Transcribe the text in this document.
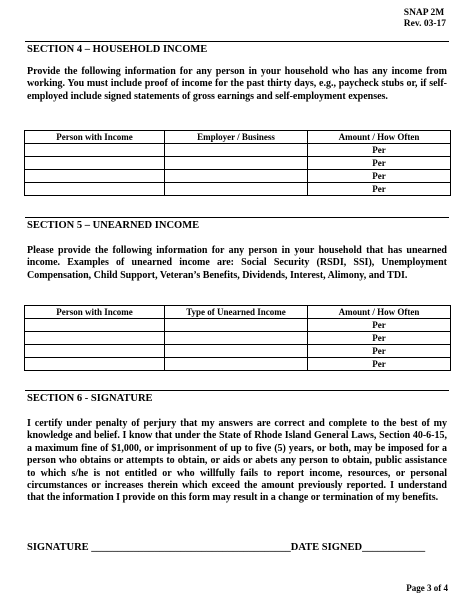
SNAP 2M
Rev. 03-17
SECTION 4 – HOUSEHOLD INCOME

Provide the following information for any person in your household who has any income from working. You must include proof of income for the past thirty days, e.g., paycheck stubs or, if self-employed include signed statements of gross earnings and self-employment expenses.

Person with Income	Employer / Business	Amount / How Often
		Per
		Per
		Per
		Per
SECTION 5 – UNEARNED INCOME

Please provide the following information for any person in your household that has unearned income. Examples of unearned income are: Social Security (RSDI, SSI), Unemployment Compensation, Child Support, Veteran’s Benefits, Dividends, Interest, Alimony, and TDI.

Person with Income	Type of Unearned Income	Amount / How Often
		Per
		Per
		Per
		Per
SECTION 6 - SIGNATURE

I certify under penalty of perjury that my answers are correct and complete to the best of my knowledge and belief. I know that under the State of Rhode Island General Laws, Section 40-6-15, a maximum fine of $1,000, or imprisonment of up to five (5) years, or both, may be imposed for a person who obtains or attempts to obtain, or aids or abets any person to obtain, public assistance to which s/he is not entitled or who willfully fails to report income, resources, or personal circumstances or increases therein which exceed the amount previously reported. I understand that the information I provide on this form may result in a change or termination of my benefits.

SIGNATURE ______________________________________DATE SIGNED____________
Page 3 of 4
